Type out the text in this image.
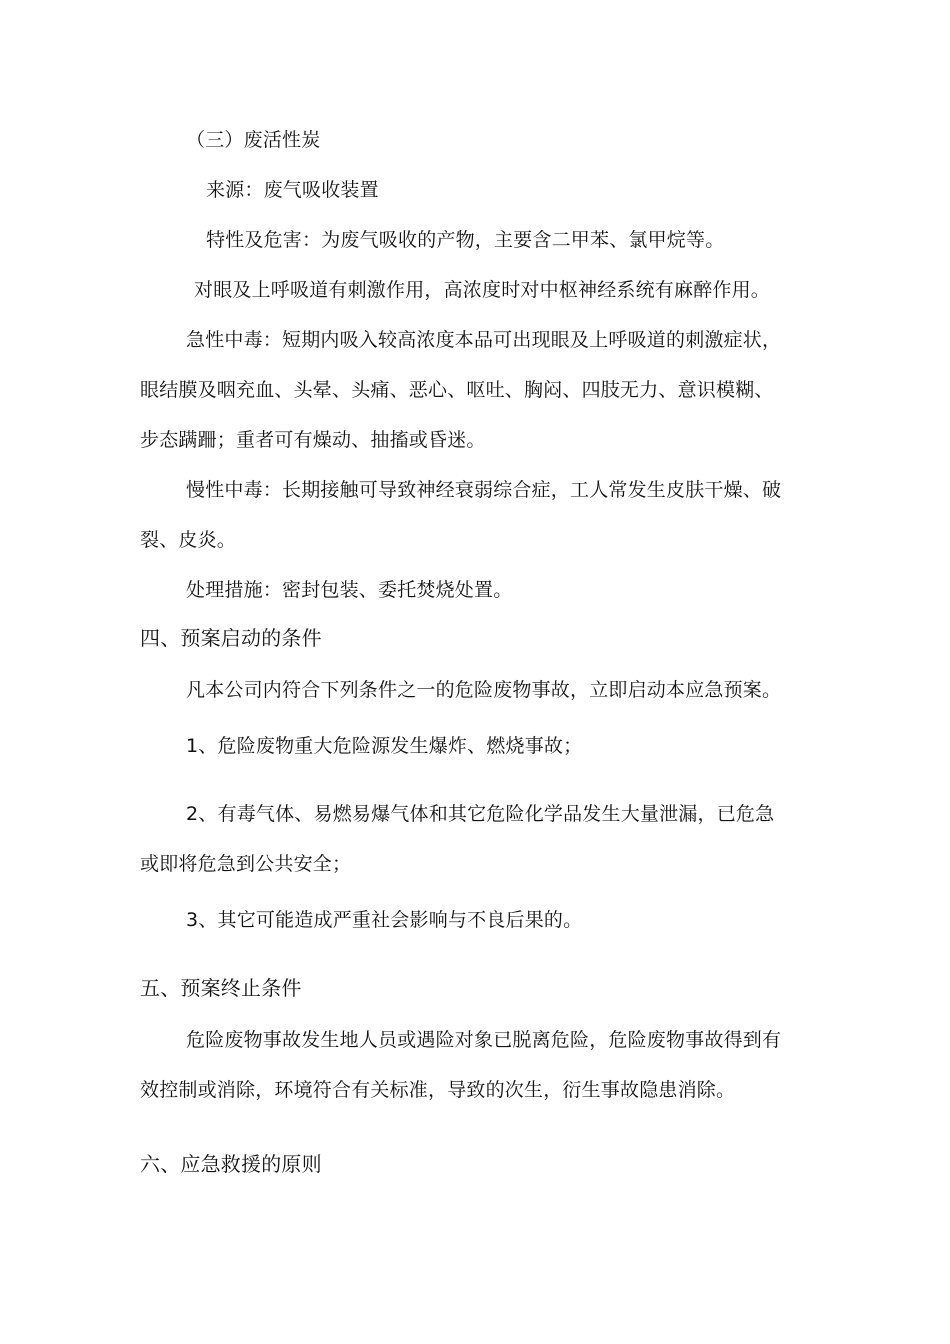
（三）废活性炭
来源：废气吸收装置
特性及危害：为废气吸收的产物，主要含二甲苯、氯甲烷等。
对眼及上呼吸道有刺激作用，高浓度时对中枢神经系统有麻醉作用。
急性中毒：短期内吸入较高浓度本品可出现眼及上呼吸道的刺激症状，
眼结膜及咽充血、头晕、头痛、恶心、呕吐、胸闷、四肢无力、意识模糊、
步态蹒跚；重者可有燥动、抽搐或昏迷。
慢性中毒：长期接触可导致神经衰弱综合症，工人常发生皮肤干燥、破
裂、皮炎。
处理措施：密封包装、委托焚烧处置。
四、预案启动的条件
凡本公司内符合下列条件之一的危险废物事故，立即启动本应急预案。
1、危险废物重大危险源发生爆炸、燃烧事故；
2、有毒气体、易燃易爆气体和其它危险化学品发生大量泄漏，已危急
或即将危急到公共安全；
3、其它可能造成严重社会影响与不良后果的。
五、预案终止条件
危险废物事故发生地人员或遇险对象已脱离危险，危险废物事故得到有
效控制或消除，环境符合有关标准，导致的次生，衍生事故隐患消除。
六、应急救援的原则
